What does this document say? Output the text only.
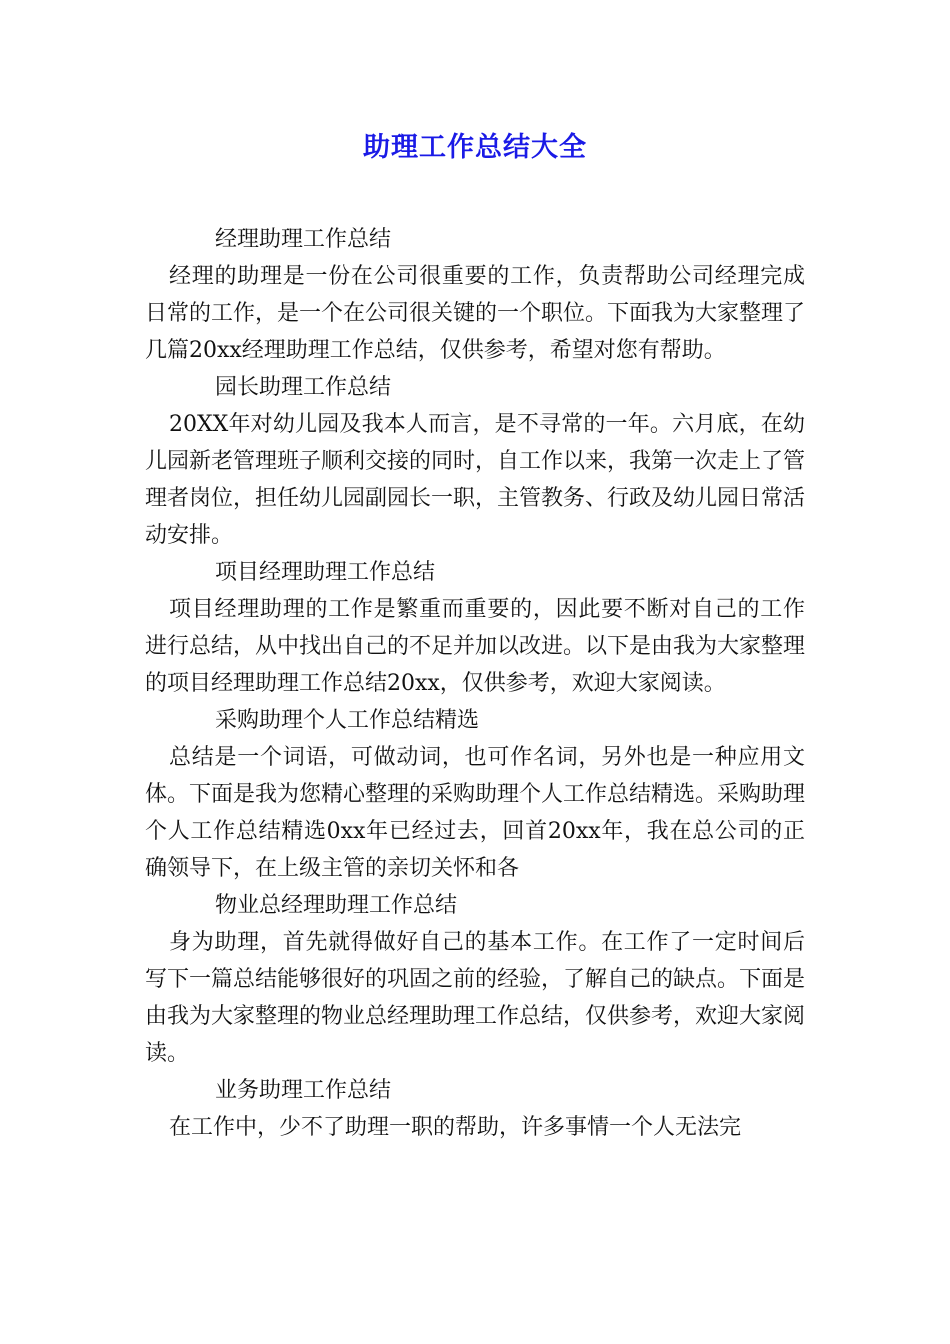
助理工作总结大全

经理助理工作总结

经理的助理是一份在公司很重要的工作，负责帮助公司经理完成日常的工作，是一个在公司很关键的一个职位。下面我为大家整理了几篇20xx经理助理工作总结，仅供参考，希望对您有帮助。

园长助理工作总结

20XX年对幼儿园及我本人而言，是不寻常的一年。六月底，在幼儿园新老管理班子顺利交接的同时，自工作以来，我第一次走上了管理者岗位，担任幼儿园副园长一职，主管教务、行政及幼儿园日常活动安排。

项目经理助理工作总结

项目经理助理的工作是繁重而重要的，因此要不断对自己的工作进行总结，从中找出自己的不足并加以改进。以下是由我为大家整理的项目经理助理工作总结20xx，仅供参考，欢迎大家阅读。

采购助理个人工作总结精选

总结是一个词语，可做动词，也可作名词，另外也是一种应用文体。下面是我为您精心整理的采购助理个人工作总结精选。采购助理个人工作总结精选0xx年已经过去，回首20xx年，我在总公司的正确领导下，在上级主管的亲切关怀和各

物业总经理助理工作总结

身为助理，首先就得做好自己的基本工作。在工作了一定时间后写下一篇总结能够很好的巩固之前的经验，了解自己的缺点。下面是由我为大家整理的物业总经理助理工作总结，仅供参考，欢迎大家阅读。

业务助理工作总结

在工作中，少不了助理一职的帮助，许多事情一个人无法完
